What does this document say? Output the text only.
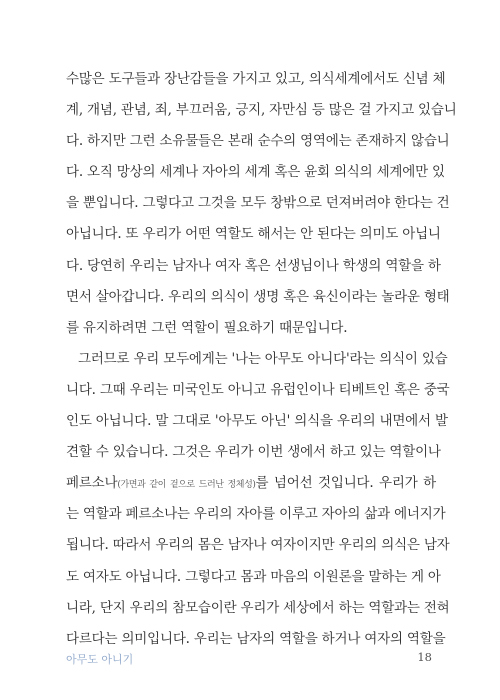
수많은 도구들과 장난감들을 가지고 있고, 의식세계에서도 신념 체
계, 개념, 관념, 죄, 부끄러움, 긍지, 자만심 등 많은 걸 가지고 있습니
다. 하지만 그런 소유물들은 본래 순수의 영역에는 존재하지 않습니
다. 오직 망상의 세계나 자아의 세계 혹은 윤회 의식의 세계에만 있
을 뿐입니다. 그렇다고 그것을 모두 창밖으로 던져버려야 한다는 건
아닙니다. 또 우리가 어떤 역할도 해서는 안 된다는 의미도 아닙니
다. 당연히 우리는 남자나 여자 혹은 선생님이나 학생의 역할을 하
면서 살아갑니다. 우리의 의식이 생명 혹은 육신이라는 놀라운 형태
를 유지하려면 그런 역할이 필요하기 때문입니다.
그러므로 우리 모두에게는 '나는 아무도 아니다'라는 의식이 있습
니다. 그때 우리는 미국인도 아니고 유럽인이나 티베트인 혹은 중국
인도 아닙니다. 말 그대로 '아무도 아닌' 의식을 우리의 내면에서 발
견할 수 있습니다. 그것은 우리가 이번 생에서 하고 있는 역할이나
페르소나(가면과 같이 겉으로 드러난 정체성)를 넘어선 것입니다. 우리가 하
는 역할과 페르소나는 우리의 자아를 이루고 자아의 삶과 에너지가
됩니다. 따라서 우리의 몸은 남자나 여자이지만 우리의 의식은 남자
도 여자도 아닙니다. 그렇다고 몸과 마음의 이원론을 말하는 게 아
니라, 단지 우리의 참모습이란 우리가 세상에서 하는 역할과는 전혀
다르다는 의미입니다. 우리는 남자의 역할을 하거나 여자의 역할을
아무도 아니기	18
